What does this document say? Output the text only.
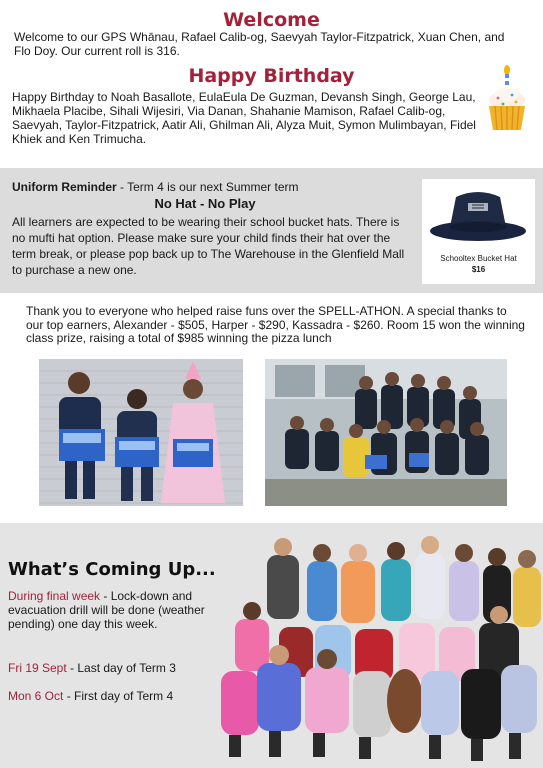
Welcome

Welcome to our GPS Whānau, Rafael Calib-og, Saevyah Taylor-Fitzpatrick, Xuan Chen, and Flo Doy. Our current roll is 316.

Happy Birthday

Happy Birthday to Noah Basallote, EulaEula De Guzman, Devansh Singh, George Lau, Mikhaela Placibe, Sihali Wijesiri, Via Danan, Shahanie Mamison, Rafael Calib-og, Saevyah, Taylor-Fitzpatrick, Aatir Ali, Ghilman Ali, Alyza Muit, Symon Mulimbayan, Fidel Khiek and Ken Trimucha.

Uniform Reminder - Term 4 is our next Summer term
No Hat - No Play

All learners are expected to be wearing their school bucket hats. There is no mufti hat option. Please make sure your child finds their hat over the term break, or please pop back up to The Warehouse in the Glenfield Mall to purchase a new one.

Schooltex Bucket Hat
$16

Thank you to everyone who helped raise funs over the SPELL-ATHON. A special thanks to our top earners, Alexander - $505, Harper - $290, Kassadra - $260. Room 15 won the winning class prize, raising a total of $985 winning the pizza lunch

What’s Coming Up...
During final week - Lock-down and evacuation drill will be done (weather pending) one day this week.
Fri 19 Sept - Last day of Term 3
Mon 6 Oct - First day of Term 4
